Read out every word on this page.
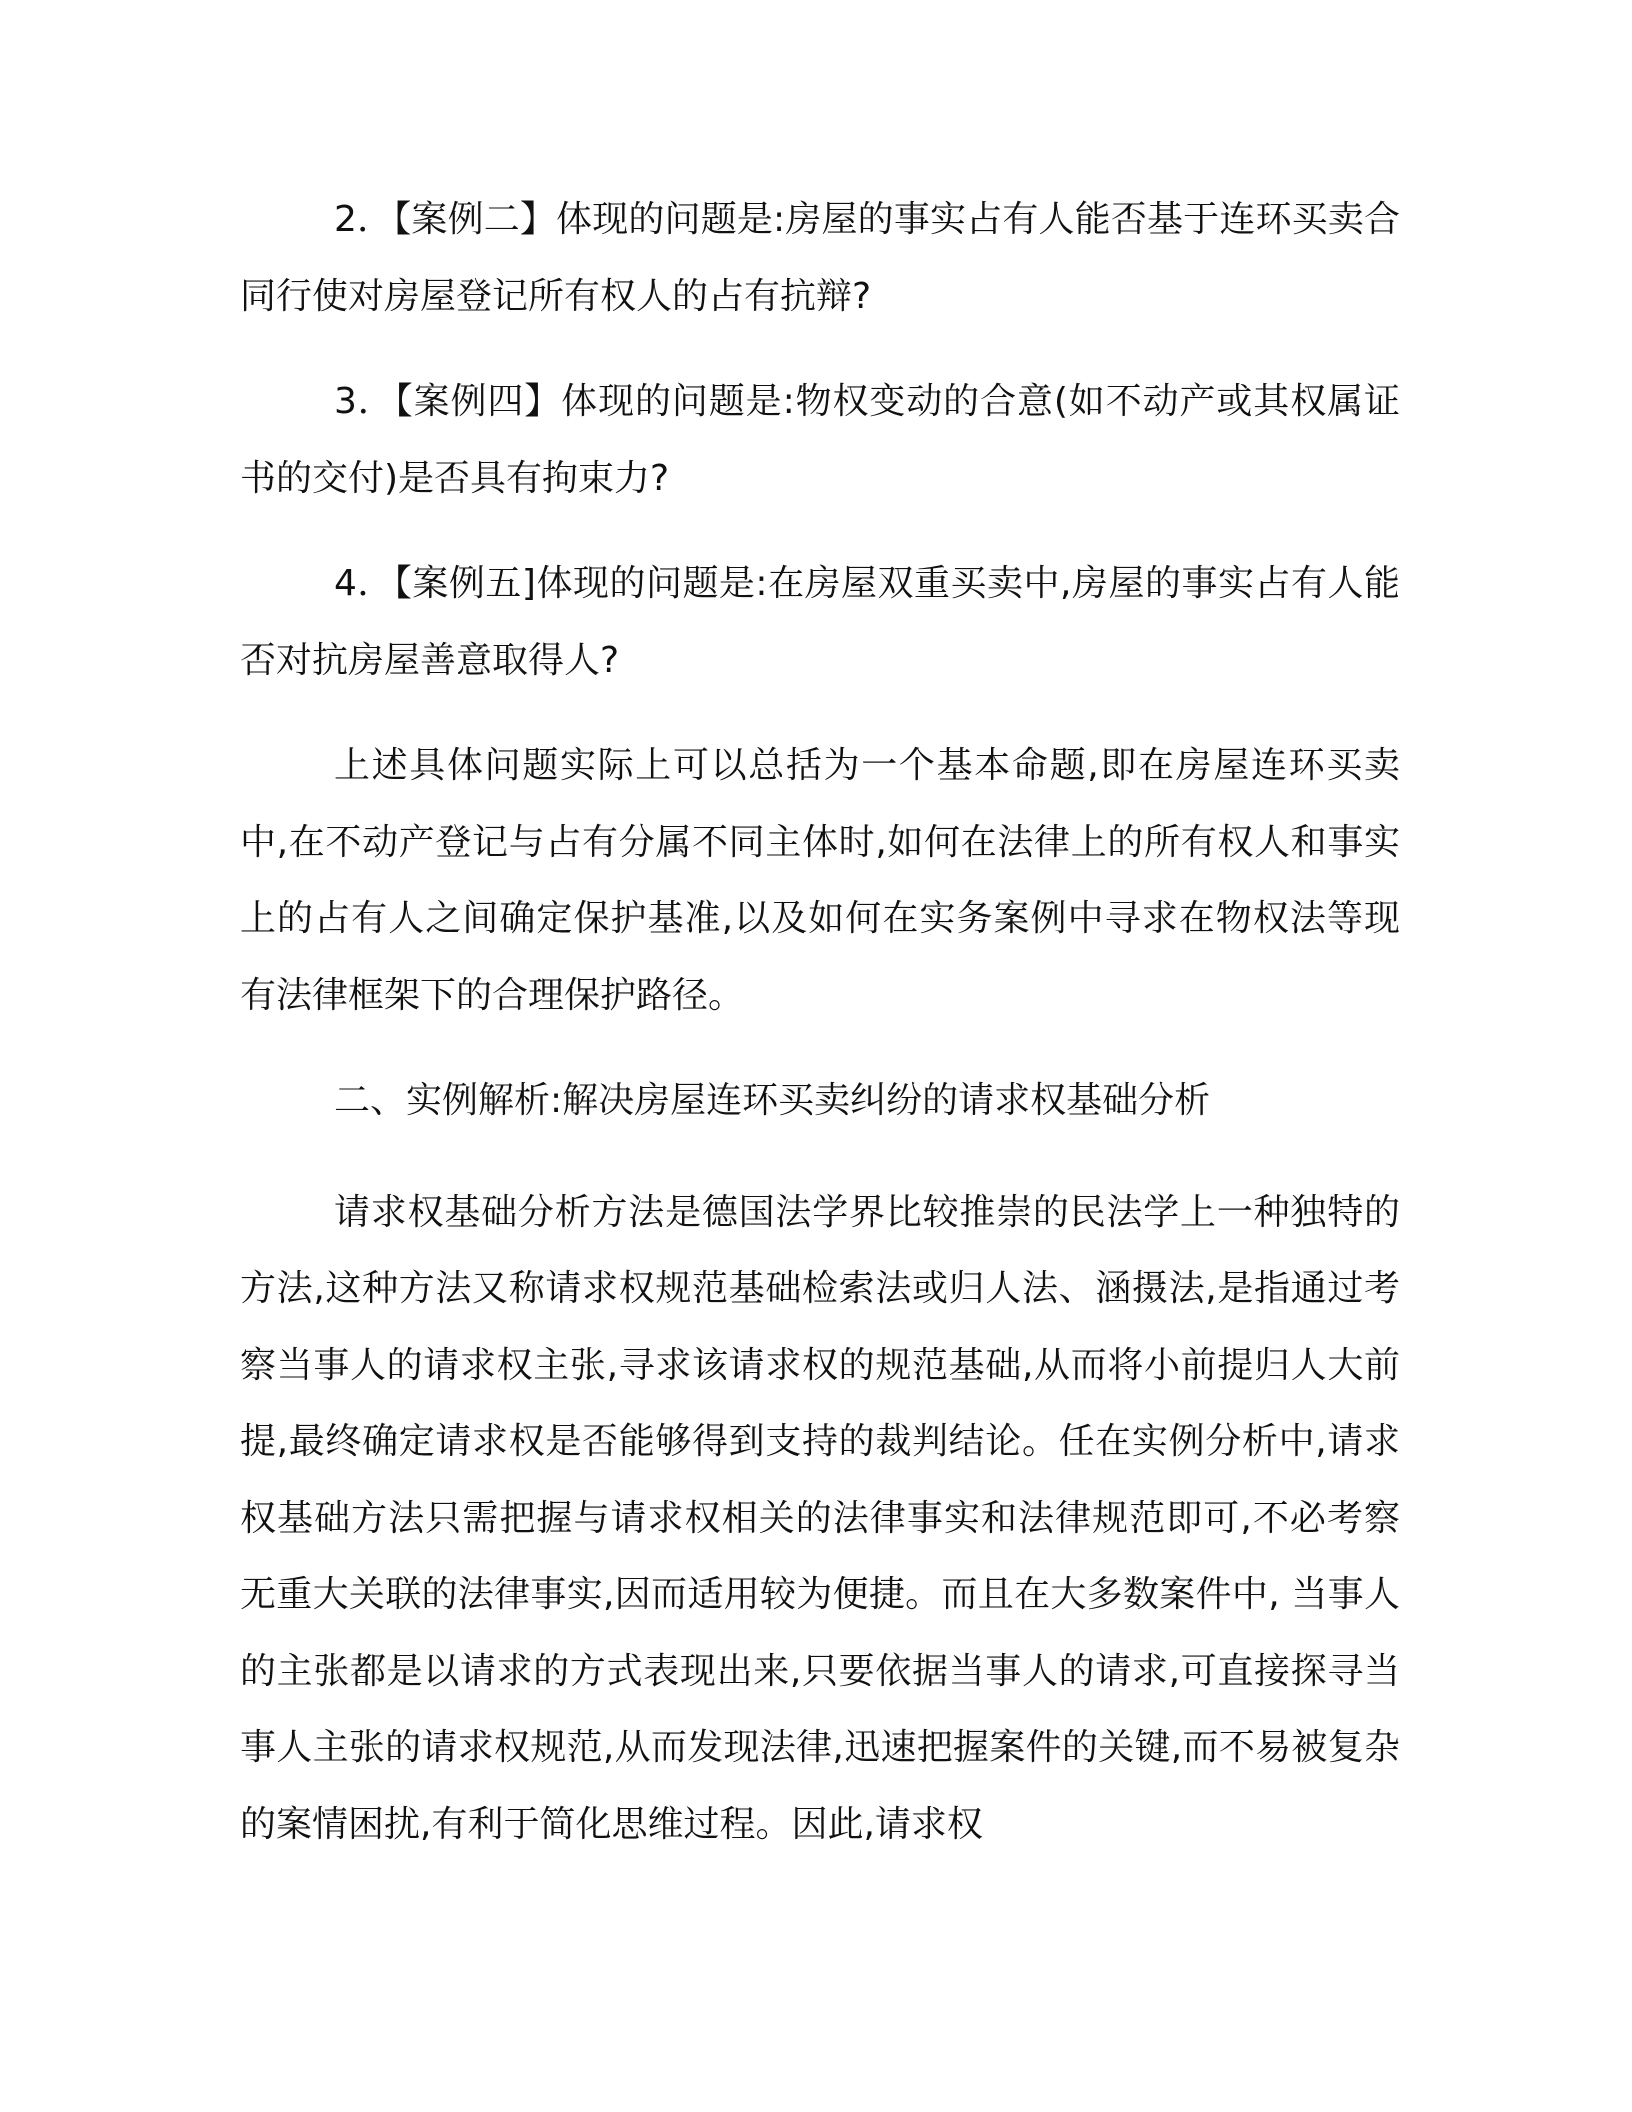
2．【案例二】体现的问题是:房屋的事实占有人能否基于连环买卖合同行使对房屋登记所有权人的占有抗辩?

3．【案例四】体现的问题是:物权变动的合意(如不动产或其权属证书的交付)是否具有拘束力?

4．【案例五]体现的问题是:在房屋双重买卖中,房屋的事实占有人能否对抗房屋善意取得人?

上述具体问题实际上可以总括为一个基本命题,即在房屋连环买卖中,在不动产登记与占有分属不同主体时,如何在法律上的所有权人和事实上的占有人之间确定保护基准,以及如何在实务案例中寻求在物权法等现有法律框架下的合理保护路径。

二、实例解析:解决房屋连环买卖纠纷的请求权基础分析

请求权基础分析方法是德国法学界比较推崇的民法学上一种独特的方法,这种方法又称请求权规范基础检索法或归人法、涵摄法,是指通过考察当事人的请求权主张,寻求该请求权的规范基础,从而将小前提归人大前提,最终确定请求权是否能够得到支持的裁判结论。任在实例分析中,请求权基础方法只需把握与请求权相关的法律事实和法律规范即可,不必考察无重大关联的法律事实,因而适用较为便捷。而且在大多数案件中, 当事人的主张都是以请求的方式表现出来,只要依据当事人的请求,可直接探寻当事人主张的请求权规范,从而发现法律,迅速把握案件的关键,而不易被复杂的案情困扰,有利于简化思维过程。因此,请求权
